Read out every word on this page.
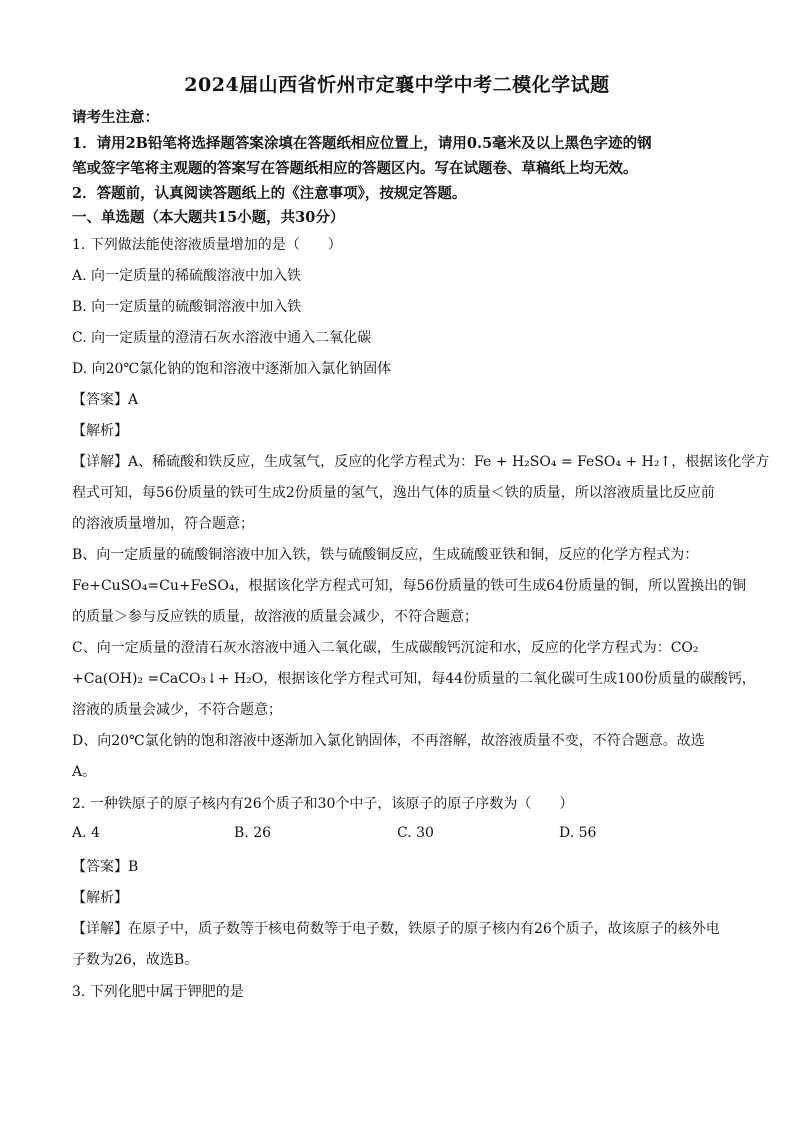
2024届山西省忻州市定襄中学中考二模化学试题
请考生注意：
1．请用2B铅笔将选择题答案涂填在答题纸相应位置上，请用0.5毫米及以上黑色字迹的钢
笔或签字笔将主观题的答案写在答题纸相应的答题区内。写在试题卷、草稿纸上均无效。
2．答题前，认真阅读答题纸上的《注意事项》，按规定答题。
一、单选题（本大题共15小题，共30分）
1. 下列做法能使溶液质量增加的是（　　）
A. 向一定质量的稀硫酸溶液中加入铁
B. 向一定质量的硫酸铜溶液中加入铁
C. 向一定质量的澄清石灰水溶液中通入二氧化碳
D. 向20℃氯化钠的饱和溶液中逐渐加入氯化钠固体
【答案】A
【解析】
【详解】A、稀硫酸和铁反应，生成氢气，反应的化学方程式为：Fe + H₂SO₄ = FeSO₄ + H₂↑，根据该化学方
程式可知，每56份质量的铁可生成2份质量的氢气，逸出气体的质量＜铁的质量，所以溶液质量比反应前
的溶液质量增加，符合题意；
B、向一定质量的硫酸铜溶液中加入铁，铁与硫酸铜反应，生成硫酸亚铁和铜，反应的化学方程式为：
Fe+CuSO₄=Cu+FeSO₄，根据该化学方程式可知，每56份质量的铁可生成64份质量的铜，所以置换出的铜
的质量＞参与反应铁的质量，故溶液的质量会减少，不符合题意；
C、向一定质量的澄清石灰水溶液中通入二氧化碳，生成碳酸钙沉淀和水，反应的化学方程式为：CO₂
+Ca(OH)₂ =CaCO₃↓+ H₂O，根据该化学方程式可知，每44份质量的二氧化碳可生成100份质量的碳酸钙，
溶液的质量会减少，不符合题意；
D、向20℃氯化钠的饱和溶液中逐渐加入氯化钠固体，不再溶解，故溶液质量不变，不符合题意。故选
A。
2. 一种铁原子的原子核内有26个质子和30个中子，该原子的原子序数为（　　）
A. 4	B. 26	C. 30	D. 56
【答案】B
【解析】
【详解】在原子中，质子数等于核电荷数等于电子数，铁原子的原子核内有26个质子，故该原子的核外电
子数为26，故选B。
3. 下列化肥中属于钾肥的是
